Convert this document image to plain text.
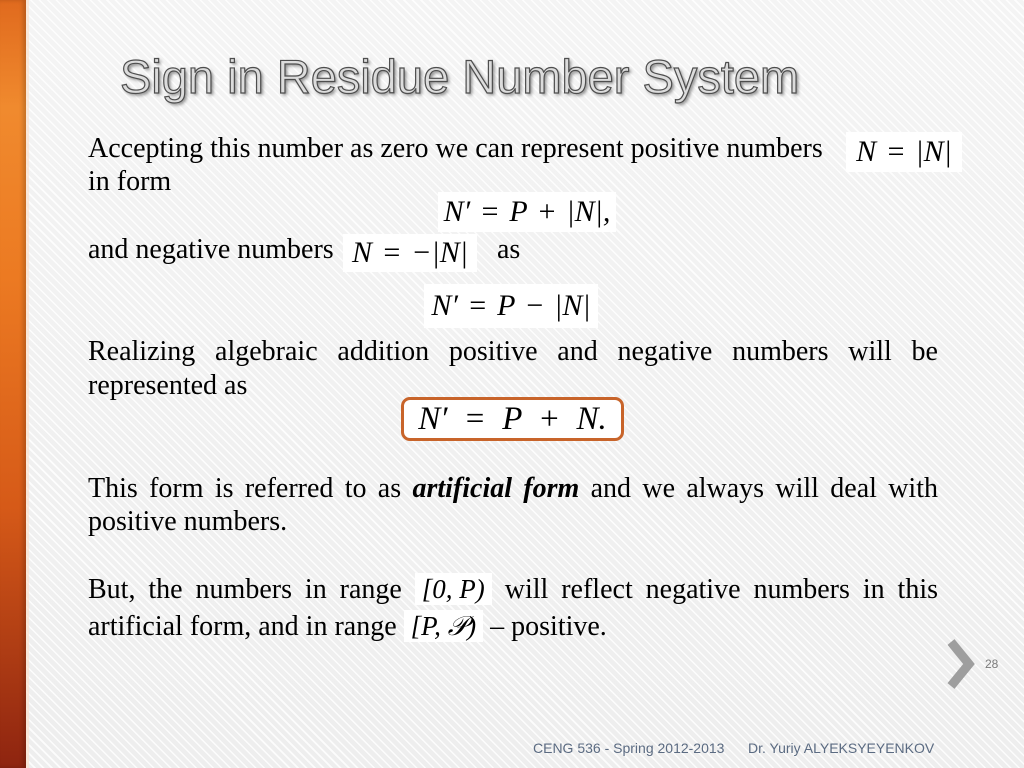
Sign in Residue Number System
Accepting this number as zero we can represent positive numbers	N = |N|
in form
N′ = P + |N|,
and negative numbers N = −|N|	as
N′ = P − |N|
Realizing algebraic addition positive and negative numbers will be represented as
N′ = P + N.
This form is referred to as artificial form and we always will deal with positive numbers.
But, the numbers in range [0, P) will reflect negative numbers in this artificial form, and in range [P, 𝒫) – positive.
28
CENG 536 - Spring 2012-2013 Dr. Yuriy ALYEKSYEYENKOV
